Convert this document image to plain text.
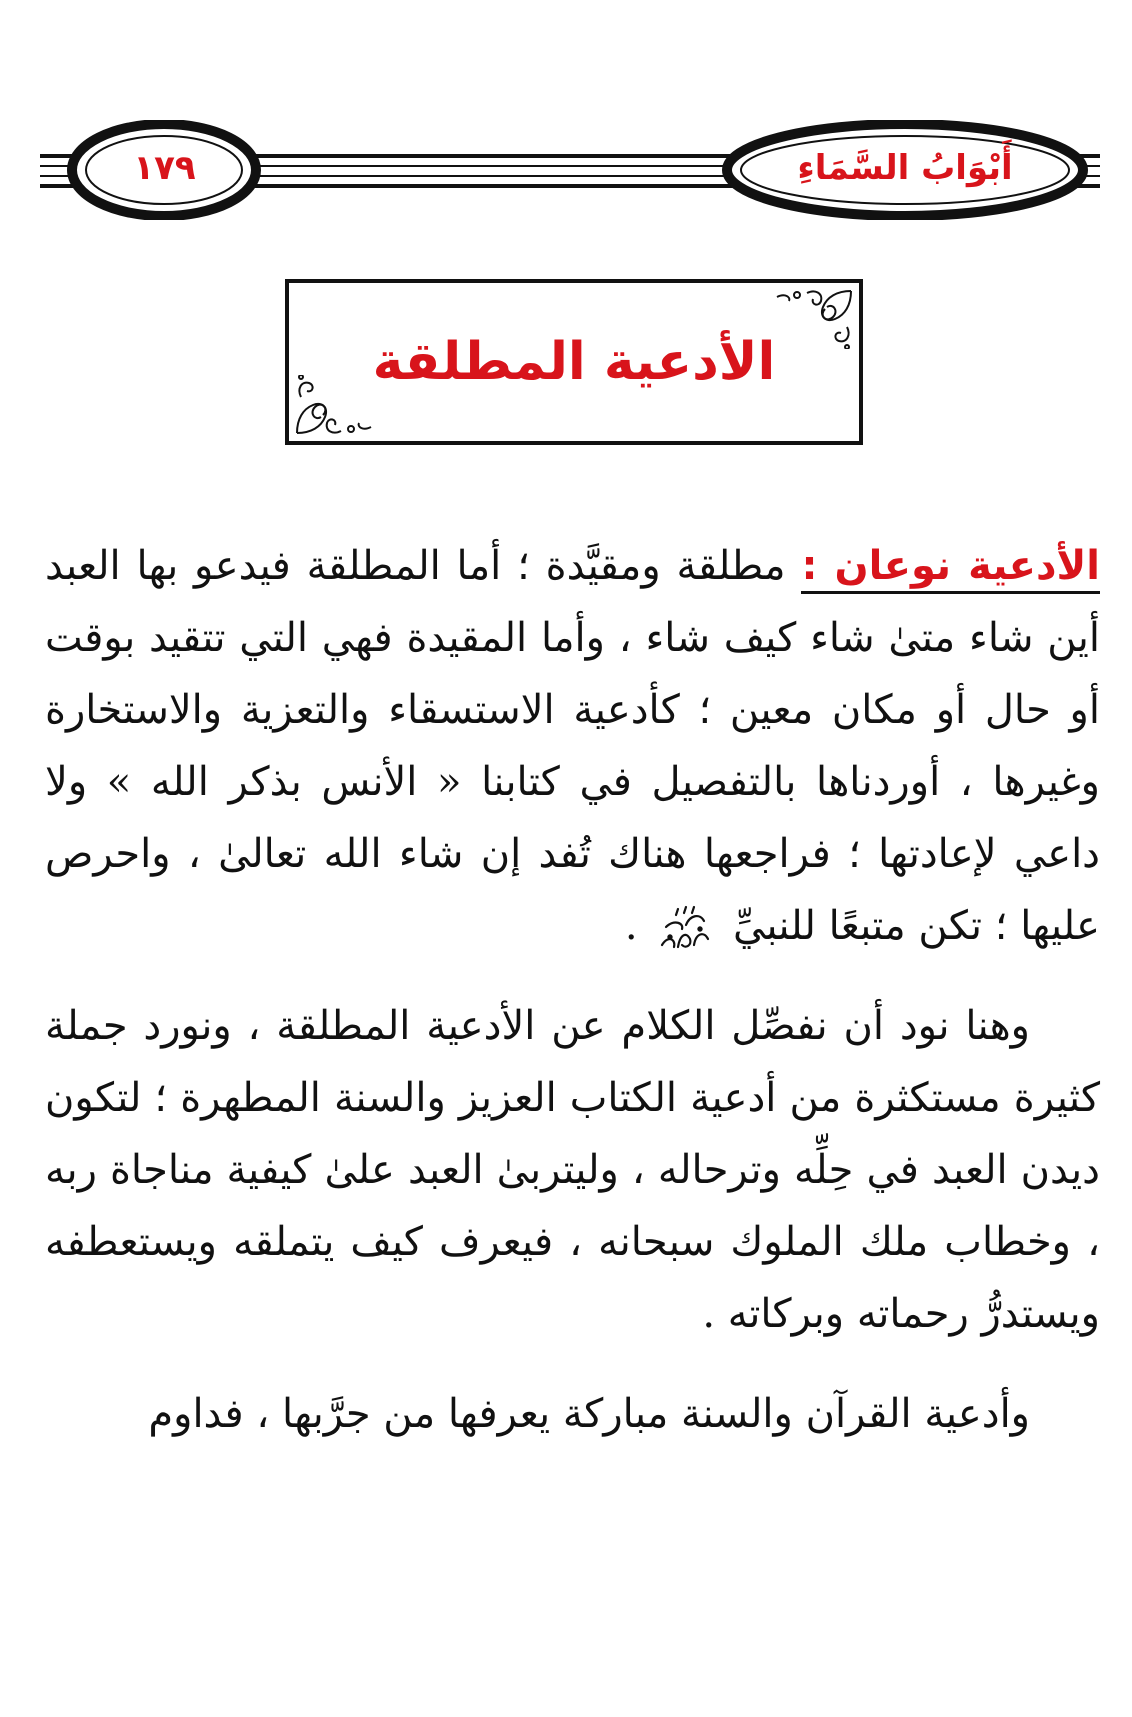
أَبْوَابُ السَّمَاءِ
١٧٩
الأدعية المطلقة

الأدعية نوعان : مطلقة ومقيَّدة ؛ أما المطلقة فيدعو بها العبد أين شاء متىٰ شاء كيف شاء ، وأما المقيدة فهي التي تتقيد بوقت أو حال أو مكان معين ؛ كأدعية الاستسقاء والتعزية والاستخارة وغيرها ، أوردناها بالتفصيل في كتابنا « الأنس بذكر الله » ولا داعي لإعادتها ؛ فراجعها هناك تُفد إن شاء الله تعالىٰ ، واحرص عليها ؛ تكن متبعًا للنبيِّ  .

وهنا نود أن نفصِّل الكلام عن الأدعية المطلقة ، ونورد جملة كثيرة مستكثرة من أدعية الكتاب العزيز والسنة المطهرة ؛ لتكون ديدن العبد في حِلِّه وترحاله ، وليتربىٰ العبد علىٰ كيفية مناجاة ربه ، وخطاب ملك الملوك سبحانه ، فيعرف كيف يتملقه ويستعطفه ويستدرُّ رحماته وبركاته .

وأدعية القرآن والسنة مباركة يعرفها من جرَّبها ، فداوم
